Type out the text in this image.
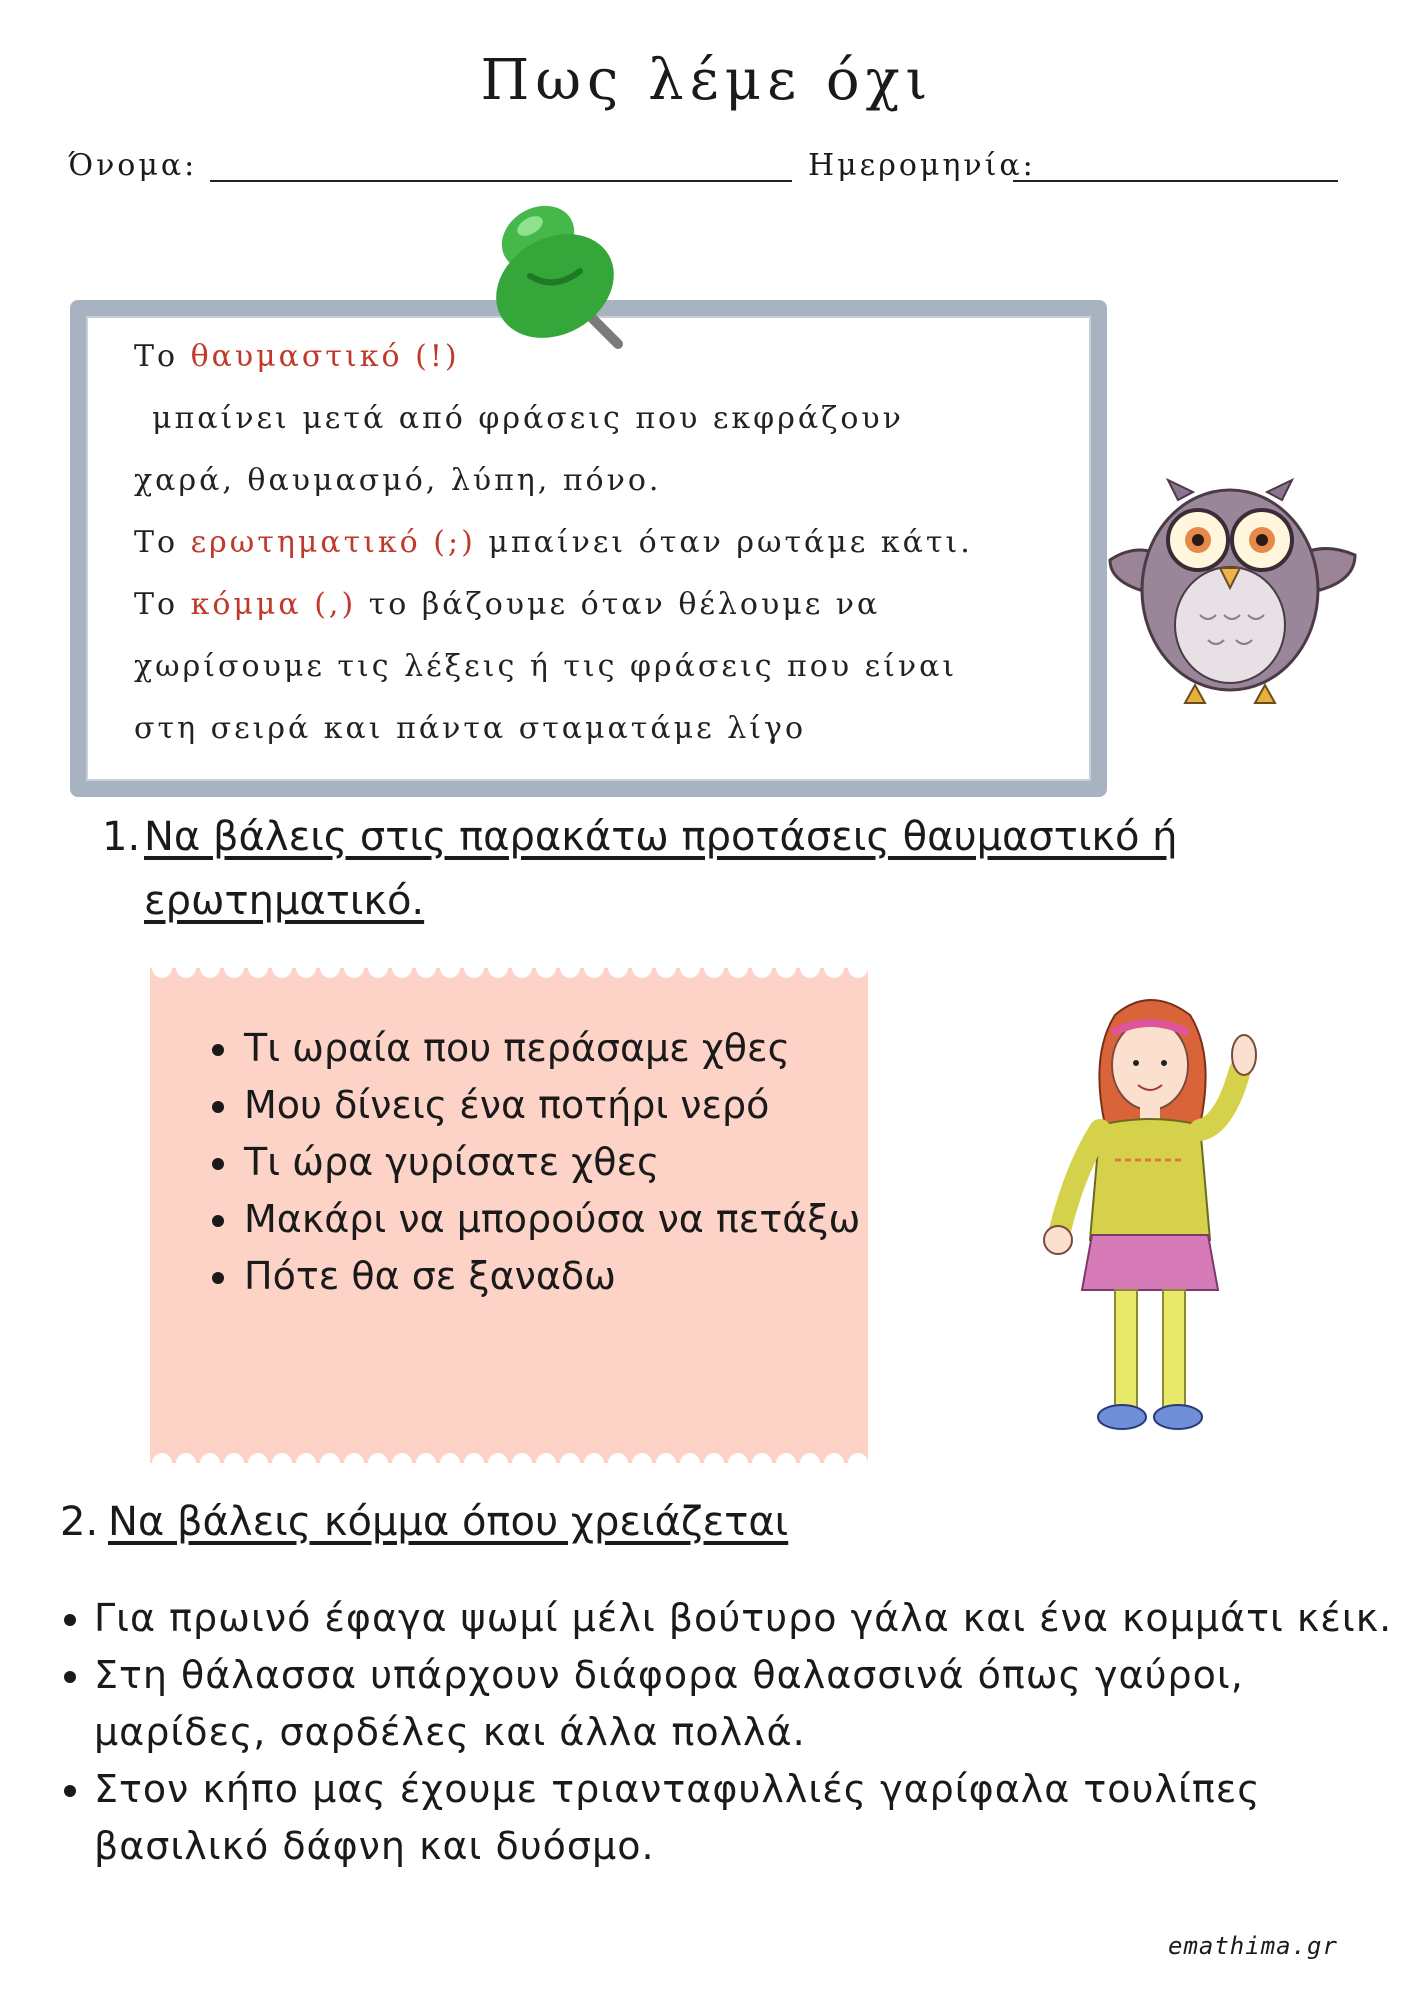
Πως λέμε όχι
Όνομα:	Ημερομηνία:

Το θαυμαστικό (!)

μπαίνει μετά από φράσεις που εκφράζουν

χαρά, θαυμασμό, λύπη, πόνο.

Το ερωτηματικό (;) μπαίνει όταν ρωτάμε κάτι.

Το κόμμα (,) το βάζουμε όταν θέλουμε να

χωρίσουμε τις λέξεις ή τις φράσεις που είναι

στη σειρά και πάντα σταματάμε λίγο

1. Να βάλεις στις παρακάτω προτάσεις θαυμαστικό ή ερωτηματικό.
• Τι ωραία που περάσαμε χθες
• Μου δίνεις ένα ποτήρι νερό
• Τι ώρα γυρίσατε χθες
• Μακάρι να μπορούσα να πετάξω
• Πότε θα σε ξαναδω
2. Να βάλεις κόμμα όπου χρειάζεται
• Για πρωινό έφαγα ψωμί μέλι βούτυρο γάλα και ένα κομμάτι κέικ.
• Στη θάλασσα υπάρχουν διάφορα θαλασσινά όπως γαύροι, μαρίδες, σαρδέλες και άλλα πολλά.
• Στον κήπο μας έχουμε τριανταφυλλιές γαρίφαλα τουλίπες βασιλικό δάφνη και δυόσμο.
emathima.gr
